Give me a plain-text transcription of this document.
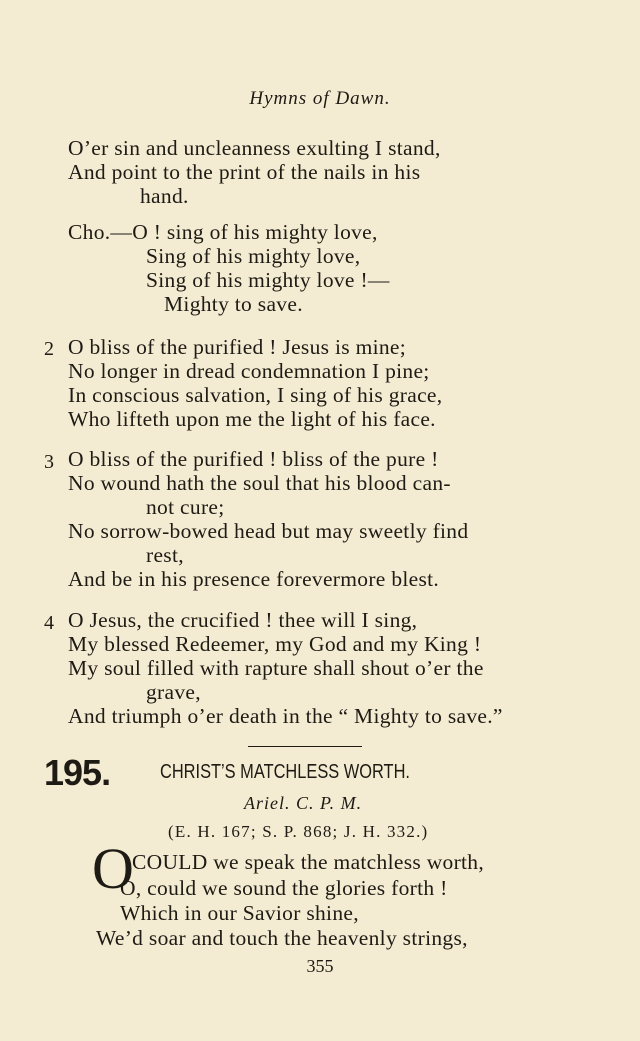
Hymns of Dawn.
O’er sin and uncleanness exulting I stand,
And point to the print of the nails in his
hand.
Cho.—O ! sing of his mighty love,
Sing of his mighty love,
Sing of his mighty love !—
Mighty to save.
2 O bliss of the purified ! Jesus is mine;
No longer in dread condemnation I pine;
In conscious salvation, I sing of his grace,
Who lifteth upon me the light of his face.
3 O bliss of the purified ! bliss of the pure !
No wound hath the soul that his blood can-
not cure;
No sorrow-bowed head but may sweetly find
rest,
And be in his presence forevermore blest.
4 O Jesus, the crucified ! thee will I sing,
My blessed Redeemer, my God and my King !
My soul filled with rapture shall shout o’er the
grave,
And triumph o’er death in the “ Mighty to save.”
195. CHRIST’S MATCHLESS WORTH.
Ariel. C. P. M.
(E. H. 167; S. P. 868; J. H. 332.)
O
COULD we speak the matchless worth,
O, could we sound the glories forth !
Which in our Savior shine,
We’d soar and touch the heavenly strings,
355
